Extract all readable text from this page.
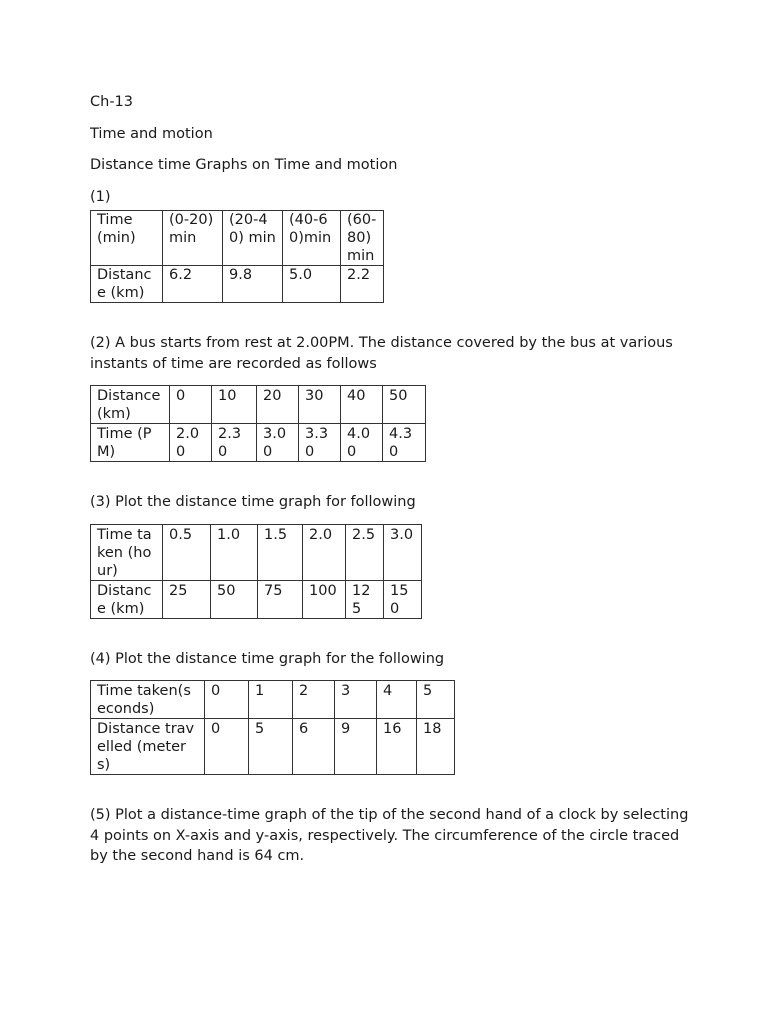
Ch-13

Time and motion

Distance time Graphs on Time and motion

(1)

Time (min)	(0-20) min	(20-40) min	(40-60)min	(60-80) min
Distance (km)	6.2	9.8	5.0	2.2

(2) A bus starts from rest at 2.00PM. The distance covered by the bus at various instants of time are recorded as follows

Distance (km)	0	10	20	30	40	50
Time (PM)	2.00	2.30	3.00	3.30	4.00	4.30

(3) Plot the distance time graph for following

Time taken (hour)	0.5	1.0	1.5	2.0	2.5	3.0
Distance (km)	25	50	75	100	125	150

(4) Plot the distance time graph for the following

Time taken(seconds)	0	1	2	3	4	5
Distance travelled (meters)	0	5	6	9	16	18

(5) Plot a distance-time graph of the tip of the second hand of a clock by selecting 4 points on X-axis and y-axis, respectively. The circumference of the circle traced by the second hand is 64 cm.
